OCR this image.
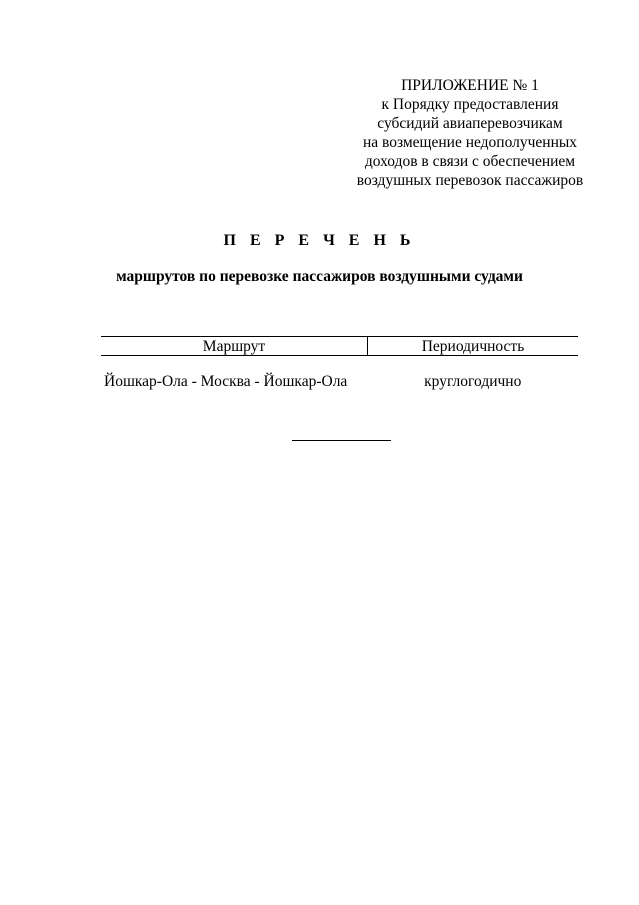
ПРИЛОЖЕНИЕ № 1
к Порядку предоставления
субсидий авиаперевозчикам
на возмещение недополученных
доходов в связи с обеспечением
воздушных перевозок пассажиров
П Е Р Е Ч Е Н Ь
маршрутов по перевозке пассажиров воздушными судами
Маршрут	Периодичность
Йошкар-Ола - Москва - Йошкар-Ола	круглогодично
